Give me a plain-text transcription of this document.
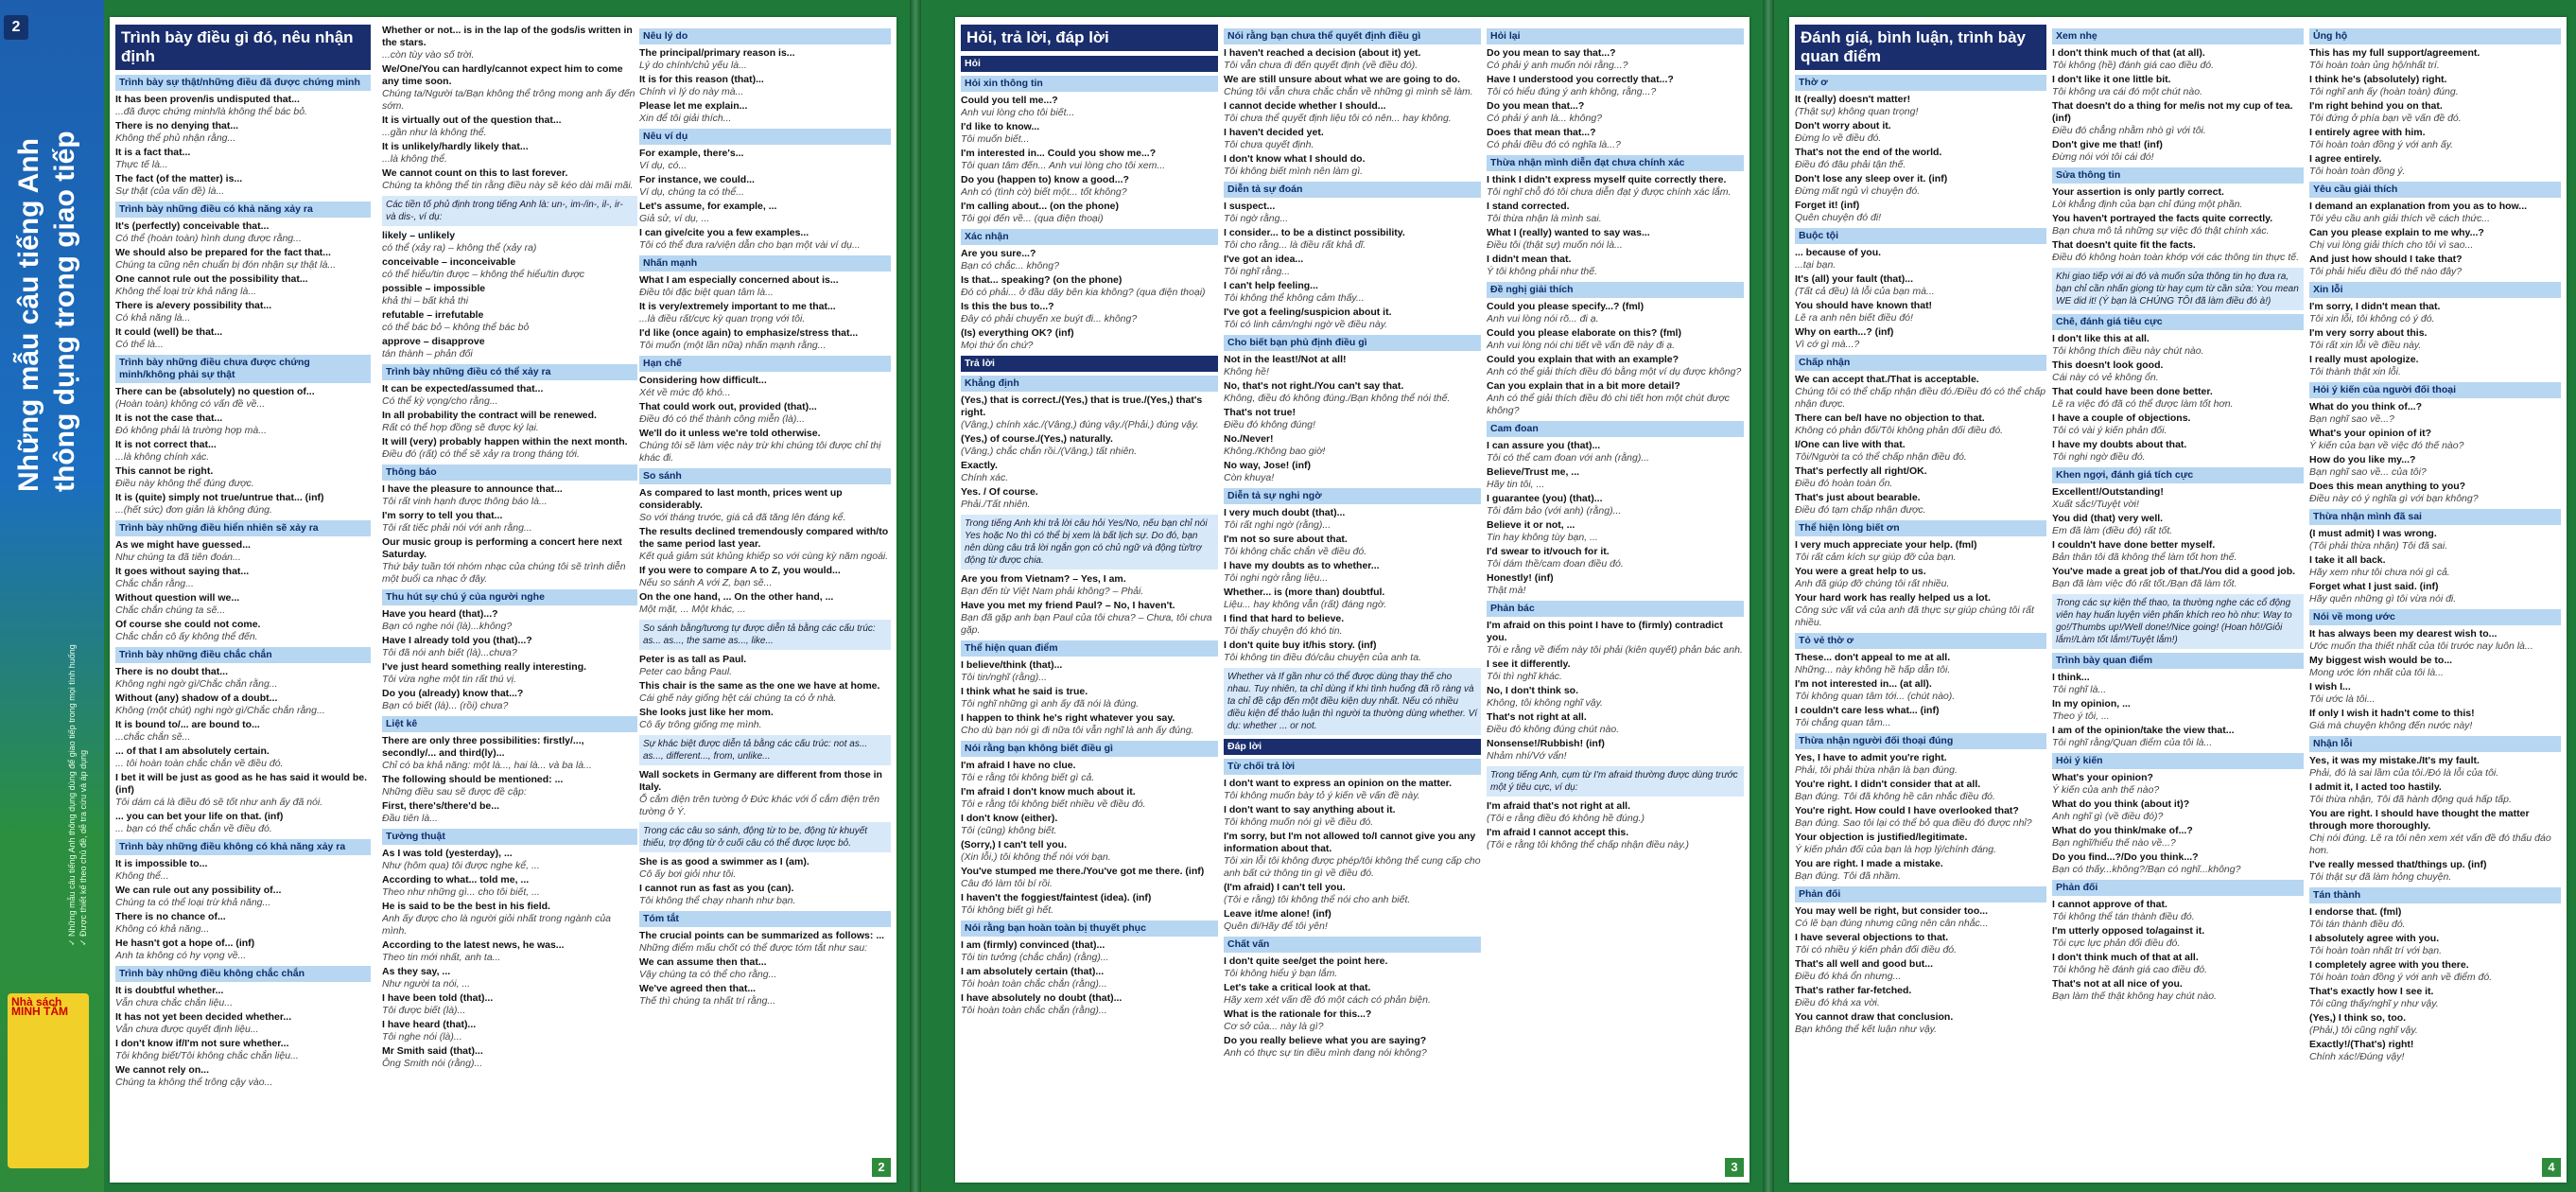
2
Những mẫu câu tiếng Anh thông dụng trong giao tiếp
✓ Những mẫu câu tiếng Anh thông dụng dùng để giao tiếp trong mọi tình huống ✓ Được thiết kế theo chủ đề, dễ tra cứu và áp dụng
Nhà sách MINH TÂM
Trình bày điều gì đó, nêu nhận định
Trình bày sự thật/những điều đã được chứng minh
It has been proven/is undisputed that...
...đã được chứng minh/là không thể bác bỏ.
There is no denying that...
Không thể phủ nhận rằng...
It is a fact that...
Thực tế là...
The fact (of the matter) is...
Sự thật (của vấn đề) là...
Trình bày những điều có khả năng xảy ra
It's (perfectly) conceivable that...
Có thể (hoàn toàn) hình dung được rằng...
We should also be prepared for the fact that...
Chúng ta cũng nên chuẩn bị đón nhận sự thật là...
One cannot rule out the possibility that...
Không thể loại trừ khả năng là...
There is a/every possibility that...
Có khả năng là...
It could (well) be that...
Có thể là...
Trình bày những điều chưa được chứng minh/không phải sự thật
There can be (absolutely) no question of...
(Hoàn toàn) không có vấn đề về...
It is not the case that...
Đó không phải là trường hợp mà...
It is not correct that...
...là không chính xác.
This cannot be right.
Điều này không thể đúng được.
It is (quite) simply not true/untrue that... (inf)
...(hết sức) đơn giản là không đúng.
Trình bày những điều hiển nhiên sẽ xảy ra
As we might have guessed...
Như chúng ta đã tiên đoán...
It goes without saying that...
Chắc chắn rằng...
Without question will we...
Chắc chắn chúng ta sẽ...
Of course she could not come.
Chắc chắn cô ấy không thể đến.
Trình bày những điều chắc chắn
There is no doubt that...
Không nghi ngờ gì/Chắc chắn rằng...
Without (any) shadow of a doubt...
Không (một chút) nghi ngờ gì/Chắc chắn rằng...
It is bound to/... are bound to...
...chắc chắn sẽ...
... of that I am absolutely certain.
... tôi hoàn toàn chắc chắn về điều đó.
I bet it will be just as good as he has said it would be. (inf)
Tôi dám cá là điều đó sẽ tốt như anh ấy đã nói.
... you can bet your life on that. (inf)
... bạn có thể chắc chắn về điều đó.
Trình bày những điều không có khả năng xảy ra
It is impossible to...
Không thể...
We can rule out any possibility of...
Chúng ta có thể loại trừ khả năng...
There is no chance of...
Không có khả năng...
He hasn't got a hope of... (inf)
Anh ta không có hy vọng về...
Trình bày những điều không chắc chắn
It is doubtful whether...
Vẫn chưa chắc chắn liệu...
It has not yet been decided whether...
Vẫn chưa được quyết định liệu...
I don't know if/I'm not sure whether...
Tôi không biết/Tôi không chắc chắn liệu...
We cannot rely on...
Chúng ta không thể trông cậy vào...
Whether or not... is in the lap of the gods/is written in the stars.
...còn tùy vào số trời.
We/One/You can hardly/cannot expect him to come any time soon.
Chúng ta/Người ta/Bạn không thể trông mong anh ấy đến sớm.
It is virtually out of the question that...
...gần như là không thể.
It is unlikely/hardly likely that...
...là không thể.
We cannot count on this to last forever.
Chúng ta không thể tin rằng điều này sẽ kéo dài mãi mãi.
Các tiền tố phủ định trong tiếng Anh là: un-, im-/in-, il-, ir- và dis-, ví dụ:
likely – unlikely
có thể (xảy ra) – không thể (xảy ra)
conceivable – inconceivable
có thể hiểu/tin được – không thể hiểu/tin được
possible – impossible
khả thi – bất khả thi
refutable – irrefutable
có thể bác bỏ – không thể bác bỏ
approve – disapprove
tán thành – phản đối
Trình bày những điều có thể xảy ra
It can be expected/assumed that...
Có thể kỳ vọng/cho rằng...
In all probability the contract will be renewed.
Rất có thể hợp đồng sẽ được ký lại.
It will (very) probably happen within the next month.
Điều đó (rất) có thể sẽ xảy ra trong tháng tới.
Thông báo
I have the pleasure to announce that...
Tôi rất vinh hạnh được thông báo là...
I'm sorry to tell you that...
Tôi rất tiếc phải nói với anh rằng...
Our music group is performing a concert here next Saturday.
Thứ bảy tuần tới nhóm nhạc của chúng tôi sẽ trình diễn một buổi ca nhạc ở đây.
Thu hút sự chú ý của người nghe
Have you heard (that)...?
Bạn có nghe nói (là)...không?
Have I already told you (that)...?
Tôi đã nói anh biết (là)...chưa?
I've just heard something really interesting.
Tôi vừa nghe một tin rất thú vị.
Do you (already) know that...?
Bạn có biết (là)... (rồi) chưa?
Liệt kê
There are only three possibilities: firstly/..., secondly/... and third(ly)...
Chỉ có ba khả năng: một là..., hai là... và ba là...
The following should be mentioned: ...
Những điều sau sẽ được đề cập:
First, there's/there'd be...
Đầu tiên là...
Tường thuật
As I was told (yesterday), ...
Như (hôm qua) tôi được nghe kể, ...
According to what... told me, ...
Theo như những gì... cho tôi biết, ...
He is said to be the best in his field.
Anh ấy được cho là người giỏi nhất trong ngành của mình.
According to the latest news, he was...
Theo tin mới nhất, anh ta...
As they say, ...
Như người ta nói, ...
I have been told (that)...
Tôi được biết (là)...
I have heard (that)...
Tôi nghe nói (là)...
Mr Smith said (that)...
Ông Smith nói (rằng)...
Nêu lý do
The principal/primary reason is...
Lý do chính/chủ yếu là...
It is for this reason (that)...
Chính vì lý do này mà...
Please let me explain...
Xin để tôi giải thích...
Nêu ví dụ
For example, there's...
Ví dụ, có...
For instance, we could...
Ví dụ, chúng ta có thể...
Let's assume, for example, ...
Giả sử, ví dụ, ...
I can give/cite you a few examples...
Tôi có thể đưa ra/viện dẫn cho bạn một vài ví dụ...
Nhấn mạnh
What I am especially concerned about is...
Điều tôi đặc biệt quan tâm là...
It is very/extremely important to me that...
...là điều rất/cực kỳ quan trọng với tôi.
I'd like (once again) to emphasize/stress that...
Tôi muốn (một lần nữa) nhấn mạnh rằng...
Hạn chế
Considering how difficult...
Xét về mức độ khó...
That could work out, provided (that)...
Điều đó có thể thành công miễn (là)...
We'll do it unless we're told otherwise.
Chúng tôi sẽ làm việc này trừ khi chúng tôi được chỉ thị khác đi.
So sánh
As compared to last month, prices went up considerably.
So với tháng trước, giá cả đã tăng lên đáng kể.
The results declined tremendously compared with/to the same period last year.
Kết quả giảm sút khủng khiếp so với cùng kỳ năm ngoái.
If you were to compare A to Z, you would...
Nếu so sánh A với Z, bạn sẽ...
On the one hand, ... On the other hand, ...
Một mặt, ... Một khác, ...
So sánh bằng/tương tự được diễn tả bằng các cấu trúc: as... as..., the same as..., like...
Peter is as tall as Paul.
Peter cao bằng Paul.
This chair is the same as the one we have at home.
Cái ghế này giống hệt cái chúng ta có ở nhà.
She looks just like her mom.
Cô ấy trông giống mẹ mình.
Sự khác biệt được diễn tả bằng các cấu trúc: not as... as..., different..., from, unlike...
Wall sockets in Germany are different from those in Italy.
Ổ cắm điện trên tường ở Đức khác với ổ cắm điện trên tường ở Ý.
Trong các câu so sánh, động từ to be, động từ khuyết thiếu, trợ động từ ở cuối câu có thể được lược bỏ.
She is as good a swimmer as I (am).
Cô ấy bơi giỏi như tôi.
I cannot run as fast as you (can).
Tôi không thể chạy nhanh như bạn.
Tóm tắt
The crucial points can be summarized as follows: ...
Những điểm mấu chốt có thể được tóm tắt như sau:
We can assume then that...
Vậy chúng ta có thể cho rằng...
We've agreed then that...
Thế thì chúng ta nhất trí rằng...
2
Hỏi, trả lời, đáp lời
Hỏi
Hỏi xin thông tin
Could you tell me...?
Anh vui lòng cho tôi biết...
I'd like to know...
Tôi muốn biết...
I'm interested in... Could you show me...?
Tôi quan tâm đến... Anh vui lòng cho tôi xem...
Do you (happen to) know a good...?
Anh có (tình cờ) biết một... tốt không?
I'm calling about... (on the phone)
Tôi gọi đến về... (qua điện thoại)
Xác nhận
Are you sure...?
Bạn có chắc... không?
Is that... speaking? (on the phone)
Đó có phải... ở đầu dây bên kia không? (qua điện thoại)
Is this the bus to...?
Đây có phải chuyến xe buýt đi... không?
(Is) everything OK? (inf)
Mọi thứ ổn chứ?
Trả lời
Khẳng định
(Yes,) that is correct./(Yes,) that is true./(Yes,) that's right.
(Vâng,) chính xác./(Vâng,) đúng vậy./(Phải,) đúng vậy.
(Yes,) of course./(Yes,) naturally.
(Vâng,) chắc chắn rồi./(Vâng,) tất nhiên.
Exactly.
Chính xác.
Yes. / Of course.
Phải./Tất nhiên.
Trong tiếng Anh khi trả lời câu hỏi Yes/No, nếu bạn chỉ nói Yes hoặc No thì có thể bị xem là bất lịch sự. Do đó, bạn nên dùng câu trả lời ngắn gọn có chủ ngữ và động từ/trợ động từ được chia.
Are you from Vietnam? – Yes, I am.
Bạn đến từ Việt Nam phải không? – Phải.
Have you met my friend Paul? – No, I haven't.
Bạn đã gặp anh bạn Paul của tôi chưa? – Chưa, tôi chưa gặp.
Thể hiện quan điểm
I believe/think (that)...
Tôi tin/nghĩ (rằng)...
I think what he said is true.
Tôi nghĩ những gì anh ấy đã nói là đúng.
I happen to think he's right whatever you say.
Cho dù bạn nói gì đi nữa tôi vẫn nghĩ là anh ấy đúng.
Nói rằng bạn không biết điều gì
I'm afraid I have no clue.
Tôi e rằng tôi không biết gì cả.
I'm afraid I don't know much about it.
Tôi e rằng tôi không biết nhiều về điều đó.
I don't know (either).
Tôi (cũng) không biết.
(Sorry,) I can't tell you.
(Xin lỗi,) tôi không thể nói với bạn.
You've stumped me there./You've got me there. (inf)
Câu đó làm tôi bí rồi.
I haven't the foggiest/faintest (idea). (inf)
Tôi không biết gì hết.
Nói rằng bạn hoàn toàn bị thuyết phục
I am (firmly) convinced (that)...
Tôi tin tưởng (chắc chắn) (rằng)...
I am absolutely certain (that)...
Tôi hoàn toàn chắc chắn (rằng)...
I have absolutely no doubt (that)...
Tôi hoàn toàn chắc chắn (rằng)...
Nói rằng bạn chưa thể quyết định điều gì
I haven't reached a decision (about it) yet.
Tôi vẫn chưa đi đến quyết định (về điều đó).
We are still unsure about what we are going to do.
Chúng tôi vẫn chưa chắc chắn về những gì mình sẽ làm.
I cannot decide whether I should...
Tôi chưa thể quyết định liệu tôi có nên... hay không.
I haven't decided yet.
Tôi chưa quyết định.
I don't know what I should do.
Tôi không biết mình nên làm gì.
Diễn tả sự đoán
I suspect...
Tôi ngờ rằng...
I consider... to be a distinct possibility.
Tôi cho rằng... là điều rất khả dĩ.
I've got an idea...
Tôi nghĩ rằng...
I can't help feeling...
Tôi không thể không cảm thấy...
I've got a feeling/suspicion about it.
Tôi có linh cảm/nghi ngờ về điều này.
Cho biết bạn phủ định điều gì
Not in the least!/Not at all!
Không hề!
No, that's not right./You can't say that.
Không, điều đó không đúng./Bạn không thể nói thế.
That's not true!
Điều đó không đúng!
No./Never!
Không./Không bao giờ!
No way, Jose! (inf)
Còn khuya!
Diễn tả sự nghi ngờ
I very much doubt (that)...
Tôi rất nghi ngờ (rằng)...
I'm not so sure about that.
Tôi không chắc chắn về điều đó.
I have my doubts as to whether...
Tôi nghi ngờ rằng liệu...
Whether... is (more than) doubtful.
Liệu... hay không vẫn (rất) đáng ngờ.
I find that hard to believe.
Tôi thấy chuyện đó khó tin.
I don't quite buy it/his story. (inf)
Tôi không tin điều đó/câu chuyện của anh ta.
Whether và If gần như có thể được dùng thay thế cho nhau. Tuy nhiên, ta chỉ dùng if khi tình huống đã rõ ràng và ta chỉ đề cập đến một điều kiện duy nhất. Nếu có nhiều điều kiện để thảo luận thì người ta thường dùng whether. Ví dụ: whether ... or not.
Đáp lời
Từ chối trả lời
I don't want to express an opinion on the matter.
Tôi không muốn bày tỏ ý kiến về vấn đề này.
I don't want to say anything about it.
Tôi không muốn nói gì về điều đó.
I'm sorry, but I'm not allowed to/I cannot give you any information about that.
Tôi xin lỗi tôi không được phép/tôi không thể cung cấp cho anh bất cứ thông tin gì về điều đó.
(I'm afraid) I can't tell you.
(Tôi e rằng) tôi không thể nói cho anh biết.
Leave it/me alone! (inf)
Quên đi/Hãy để tôi yên!
Chất vấn
I don't quite see/get the point here.
Tôi không hiểu ý bạn lắm.
Let's take a critical look at that.
Hãy xem xét vấn đề đó một cách có phản biện.
What is the rationale for this...?
Cơ sở của... này là gì?
Do you really believe what you are saying?
Anh có thực sự tin điều mình đang nói không?
Hỏi lại
Do you mean to say that...?
Có phải ý anh muốn nói rằng...?
Have I understood you correctly that...?
Tôi có hiểu đúng ý anh không, rằng...?
Do you mean that...?
Có phải ý anh là... không?
Does that mean that...?
Có phải điều đó có nghĩa là...?
Thừa nhận mình diễn đạt chưa chính xác
I think I didn't express myself quite correctly there.
Tôi nghĩ chỗ đó tôi chưa diễn đạt ý được chính xác lắm.
I stand corrected.
Tôi thừa nhận là mình sai.
What I (really) wanted to say was...
Điều tôi (thật sự) muốn nói là...
I didn't mean that.
Ý tôi không phải như thế.
Đề nghị giải thích
Could you please specify...? (fml)
Anh vui lòng nói rõ... đi ạ.
Could you please elaborate on this? (fml)
Anh vui lòng nói chi tiết về vấn đề này đi ạ.
Could you explain that with an example?
Anh có thể giải thích điều đó bằng một ví dụ được không?
Can you explain that in a bit more detail?
Anh có thể giải thích điều đó chi tiết hơn một chút được không?
Cam đoan
I can assure you (that)...
Tôi có thể cam đoan với anh (rằng)...
Believe/Trust me, ...
Hãy tin tôi, ...
I guarantee (you) (that)...
Tôi đảm bảo (với anh) (rằng)...
Believe it or not, ...
Tin hay không tùy bạn, ...
I'd swear to it/vouch for it.
Tôi dám thề/cam đoan điều đó.
Honestly! (inf)
Thật mà!
Phản bác
I'm afraid on this point I have to (firmly) contradict you.
Tôi e rằng về điểm này tôi phải (kiên quyết) phản bác anh.
I see it differently.
Tôi thì nghĩ khác.
No, I don't think so.
Không, tôi không nghĩ vậy.
That's not right at all.
Điều đó không đúng chút nào.
Nonsense!/Rubbish! (inf)
Nhảm nhí/Vớ vẩn!
Trong tiếng Anh, cụm từ I'm afraid thường được dùng trước một ý tiêu cực, ví dụ:
I'm afraid that's not right at all.
(Tôi e rằng điều đó không hề đúng.)
I'm afraid I cannot accept this.
(Tôi e rằng tôi không thể chấp nhận điều này.)
3
Đánh giá, bình luận, trình bày quan điểm
Thờ ơ
It (really) doesn't matter!
(Thật sự) không quan trọng!
Don't worry about it.
Đừng lo về điều đó.
That's not the end of the world.
Điều đó đâu phải tận thế.
Don't lose any sleep over it. (inf)
Đừng mất ngủ vì chuyện đó.
Forget it! (inf)
Quên chuyện đó đi!
Buộc tội
... because of you.
...tại bạn.
It's (all) your fault (that)...
(Tất cả đều) là lỗi của bạn mà...
You should have known that!
Lẽ ra anh nên biết điều đó!
Why on earth...? (inf)
Vì cớ gì mà...?
Chấp nhận
We can accept that./That is acceptable.
Chúng tôi có thể chấp nhận điều đó./Điều đó có thể chấp nhận được.
There can be/I have no objection to that.
Không có phản đối/Tôi không phản đối điều đó.
I/One can live with that.
Tôi/Người ta có thể chấp nhận điều đó.
That's perfectly all right/OK.
Điều đó hoàn toàn ổn.
That's just about bearable.
Điều đó tạm chấp nhận được.
Thể hiện lòng biết ơn
I very much appreciate your help. (fml)
Tôi rất cảm kích sự giúp đỡ của bạn.
You were a great help to us.
Anh đã giúp đỡ chúng tôi rất nhiều.
Your hard work has really helped us a lot.
Công sức vất vả của anh đã thực sự giúp chúng tôi rất nhiều.
Tỏ vẻ thờ ơ
These... don't appeal to me at all.
Những... này không hề hấp dẫn tôi.
I'm not interested in... (at all).
Tôi không quan tâm tới... (chút nào).
I couldn't care less what... (inf)
Tôi chẳng quan tâm...
Thừa nhận người đối thoại đúng
Yes, I have to admit you're right.
Phải, tôi phải thừa nhận là bạn đúng.
You're right. I didn't consider that at all.
Bạn đúng. Tôi đã không hề cân nhắc điều đó.
You're right. How could I have overlooked that?
Bạn đúng. Sao tôi lại có thể bỏ qua điều đó được nhỉ?
Your objection is justified/legitimate.
Ý kiến phản đối của bạn là hợp lý/chính đáng.
You are right. I made a mistake.
Bạn đúng. Tôi đã nhầm.
Phản đối
You may well be right, but consider too...
Có lẽ bạn đúng nhưng cũng nên cân nhắc...
I have several objections to that.
Tôi có nhiều ý kiến phản đối điều đó.
That's all well and good but...
Điều đó khá ổn nhưng...
That's rather far-fetched.
Điều đó khá xa vời.
You cannot draw that conclusion.
Bạn không thể kết luận như vậy.
Xem nhẹ
I don't think much of that (at all).
Tôi không (hề) đánh giá cao điều đó.
I don't like it one little bit.
Tôi không ưa cái đó một chút nào.
That doesn't do a thing for me/is not my cup of tea. (inf)
Điều đó chẳng nhằm nhò gì với tôi.
Don't give me that! (inf)
Đừng nói với tôi cái đó!
Sửa thông tin
Your assertion is only partly correct.
Lời khẳng định của bạn chỉ đúng một phần.
You haven't portrayed the facts quite correctly.
Bạn chưa mô tả những sự việc đó thật chính xác.
That doesn't quite fit the facts.
Điều đó không hoàn toàn khớp với các thông tin thực tế.
Khi giao tiếp với ai đó và muốn sửa thông tin họ đưa ra, bạn chỉ cần nhấn giọng từ hay cụm từ cần sửa: You mean WE did it! (Ý bạn là CHÚNG TÔI đã làm điều đó à!)
Chê, đánh giá tiêu cực
I don't like this at all.
Tôi không thích điều này chút nào.
This doesn't look good.
Cái này có vẻ không ổn.
That could have been done better.
Lẽ ra việc đó đã có thể được làm tốt hơn.
I have a couple of objections.
Tôi có vài ý kiến phản đối.
I have my doubts about that.
Tôi nghi ngờ điều đó.
Khen ngợi, đánh giá tích cực
Excellent!/Outstanding!
Xuất sắc!/Tuyệt vời!
You did (that) very well.
Em đã làm (điều đó) rất tốt.
I couldn't have done better myself.
Bản thân tôi đã không thể làm tốt hơn thế.
You've made a great job of that./You did a good job.
Bạn đã làm việc đó rất tốt./Bạn đã làm tốt.
Trong các sự kiện thể thao, ta thường nghe các cổ động viên hay huấn luyện viên phấn khích reo hò như: Way to go!/Thumbs up!/Well done!/Nice going! (Hoan hô!/Giỏi lắm!/Làm tốt lắm!/Tuyệt lắm!)
Trình bày quan điểm
I think...
Tôi nghĩ là...
In my opinion, ...
Theo ý tôi, ...
I am of the opinion/take the view that...
Tôi nghĩ rằng/Quan điểm của tôi là...
Hỏi ý kiến
What's your opinion?
Ý kiến của anh thế nào?
What do you think (about it)?
Anh nghĩ gì (về điều đó)?
What do you think/make of...?
Bạn nghĩ/hiểu thế nào về...?
Do you find...?/Do you think...?
Bạn có thấy...không?/Bạn có nghĩ...không?
Phản đối
I cannot approve of that.
Tôi không thể tán thành điều đó.
I'm utterly opposed to/against it.
Tôi cực lực phản đối điều đó.
I don't think much of that at all.
Tôi không hề đánh giá cao điều đó.
That's not at all nice of you.
Bạn làm thế thật không hay chút nào.
Ủng hộ
This has my full support/agreement.
Tôi hoàn toàn ủng hộ/nhất trí.
I think he's (absolutely) right.
Tôi nghĩ anh ấy (hoàn toàn) đúng.
I'm right behind you on that.
Tôi đứng ở phía bạn về vấn đề đó.
I entirely agree with him.
Tôi hoàn toàn đồng ý với anh ấy.
I agree entirely.
Tôi hoàn toàn đồng ý.
Yêu cầu giải thích
I demand an explanation from you as to how...
Tôi yêu cầu anh giải thích về cách thức...
Can you please explain to me why...?
Chị vui lòng giải thích cho tôi vì sao...
And just how should I take that?
Tôi phải hiểu điều đó thế nào đây?
Xin lỗi
I'm sorry, I didn't mean that.
Tôi xin lỗi, tôi không có ý đó.
I'm very sorry about this.
Tôi rất xin lỗi về điều này.
I really must apologize.
Tôi thành thật xin lỗi.
Hỏi ý kiến của người đối thoại
What do you think of...?
Bạn nghĩ sao về...?
What's your opinion of it?
Ý kiến của bạn về việc đó thế nào?
How do you like my...?
Bạn nghĩ sao về... của tôi?
Does this mean anything to you?
Điều này có ý nghĩa gì với bạn không?
Thừa nhận mình đã sai
(I must admit) I was wrong.
(Tôi phải thừa nhận) Tôi đã sai.
I take it all back.
Hãy xem như tôi chưa nói gì cả.
Forget what I just said. (inf)
Hãy quên những gì tôi vừa nói đi.
Nói về mong ước
It has always been my dearest wish to...
Ước muốn tha thiết nhất của tôi trước nay luôn là...
My biggest wish would be to...
Mong ước lớn nhất của tôi là...
I wish I...
Tôi ước là tôi...
If only I wish it hadn't come to this!
Giá mà chuyện không đến nước này!
Nhận lỗi
Yes, it was my mistake./It's my fault.
Phải, đó là sai lầm của tôi./Đó là lỗi của tôi.
I admit it, I acted too hastily.
Tôi thừa nhận, Tôi đã hành động quá hấp tấp.
You are right. I should have thought the matter through more thoroughly.
Chị nói đúng. Lẽ ra tôi nên xem xét vấn đề đó thấu đáo hơn.
I've really messed that/things up. (inf)
Tôi thật sự đã làm hỏng chuyện.
Tán thành
I endorse that. (fml)
Tôi tán thành điều đó.
I absolutely agree with you.
Tôi hoàn toàn nhất trí với bạn.
I completely agree with you there.
Tôi hoàn toàn đồng ý với anh về điểm đó.
That's exactly how I see it.
Tôi cũng thấy/nghĩ y như vậy.
(Yes,) I think so, too.
(Phải,) tôi cũng nghĩ vậy.
Exactly!/(That's) right!
Chính xác!/Đúng vậy!
4
